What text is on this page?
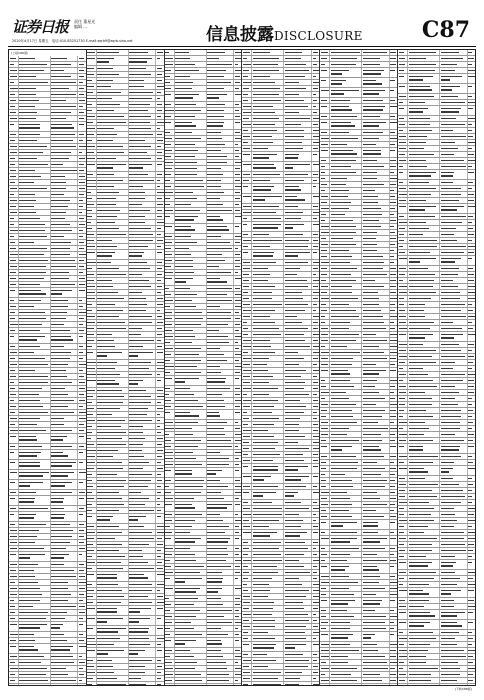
证券日报 责任 董星光
编辑 ...
2020年4月17日 星期五 电话:010-83251730 E-mail:zqrb9@zqrb.sina.net	信息披露DISCLOSURE	C87
(上接C86版)
(下转C88版)
